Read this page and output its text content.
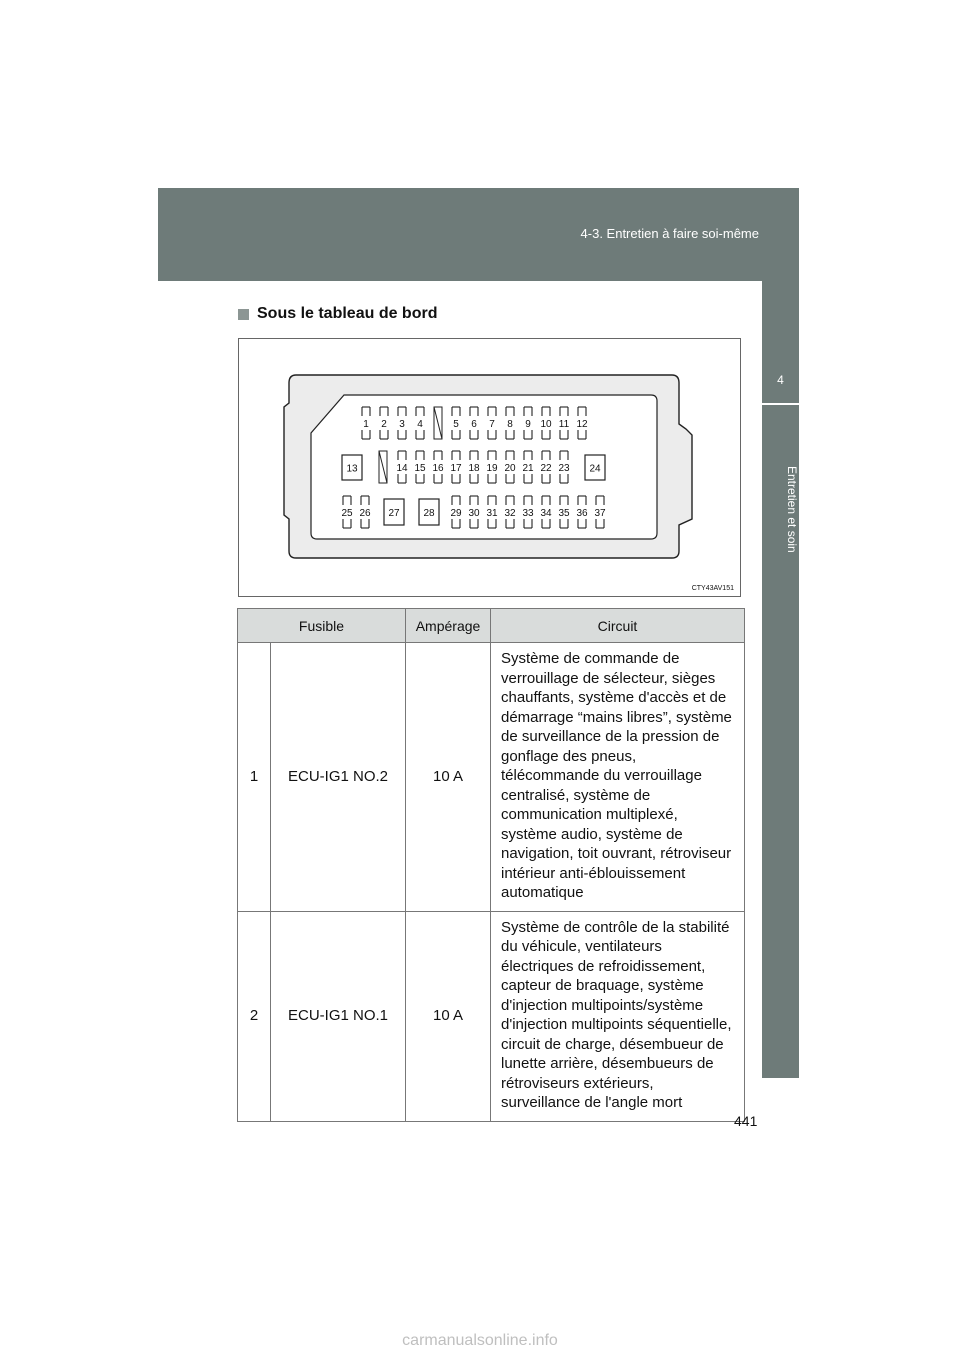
4-3. Entretien à faire soi-même
4
Entretien et soin
Sous le tableau de bord
1 2 3 4	5 6 7 8 9 10 11 12
13	14 15 16 17 18 19 20 21 22 23 24
25 26 27 28 29 30 31 32 33 34 35 36 37
CTY43AV151
Fusible		Ampérage	Circuit
1	ECU-IG1 NO.2	10 A	Système de commande de verrouillage de sélecteur, sièges chauffants, système d'accès et de démarrage “mains libres”, système de surveillance de la pression de gonflage des pneus, télécommande du verrouillage centralisé, système de communication multiplexé, système audio, système de navigation, toit ouvrant, rétroviseur intérieur anti-éblouissement automatique
2	ECU-IG1 NO.1	10 A	Système de contrôle de la stabilité du véhicule, ventilateurs électriques de refroidissement, capteur de braquage, système d'injection multipoints/système d'injection multipoints séquentielle, circuit de charge, désembueur de lunette arrière, désembueurs de rétroviseurs extérieurs, surveillance de l'angle mort
441
carmanualsonline.info
